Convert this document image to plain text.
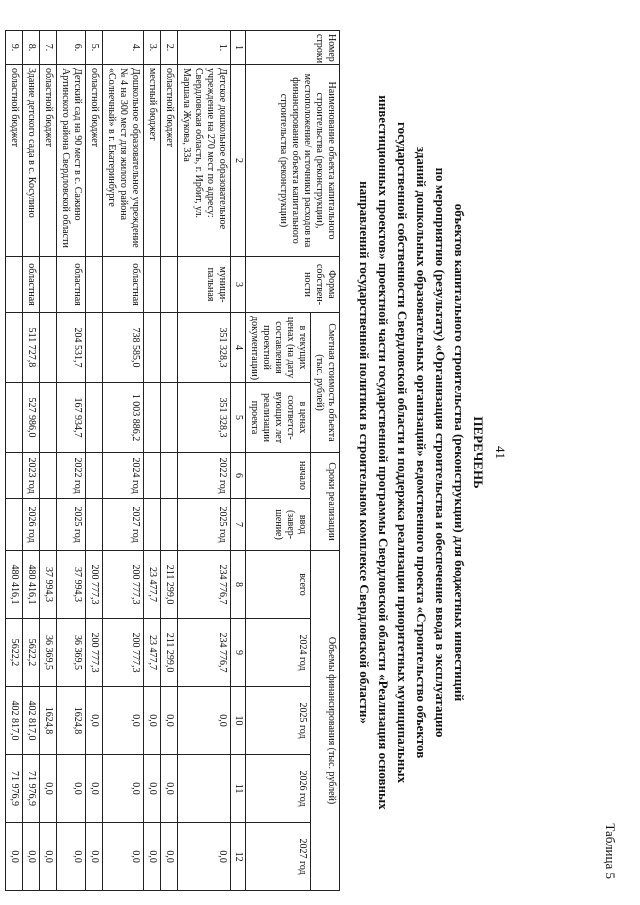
41
Таблица 5
ПЕРЕЧЕНЬ
объектов капитального строительства (реконструкции) для бюджетных инвестиций
по мероприятию (результату) «Организация строительства и обеспечение ввода в эксплуатацию
зданий дошкольных образовательных организаций» ведомственного проекта «Строительство объектов
государственной собственности Свердловской области и поддержка реализации приоритетных муниципальных
инвестиционных проектов» проектной части государственной программы Свердловской области «Реализация основных
направлений государственной политики в строительном комплексе Свердловской области»
Номер строки	Наименование объекта капитального строительства (реконструкции), местоположение/ источники расходов на финансирование объекта капитального строительства (реконструкции)	Форма собствен-ности	Сметная стоимость объекта (тыс. рублей)		Сроки реализации		Объемы финансирования (тыс. рублей)				
			в текущих ценах (на дату составления проектной документации)	в ценах соответст-вующих лет реализации проекта	начало	ввод (завер-шение)	всего	2024 год	2025 год	2026 год	2027 год

1	2	3	4	5	6	7	8	9	10	11	12
1.	Детское дошкольное образовательное учреждение на 270 мест по адресу: Свердловская область, г. Ирбит, ул. Маршала Жукова, 33а	муници-пальная	351 328,3	351 328,3	2022 год	2025 год	234 776,7	234 776,7	0,0		0,0
2.	областной бюджет						211 299,0	211 299,0	0,0	0,0	0,0
3.	местный бюджет						23 477,7	23 477,7	0,0	0,0	0,0
4.	Дошкольное образовательное учреждение № 4 на 300 мест для жилого района «Солнечный» в г. Екатеринбурге	областная	738 585,0	1 003 886,2	2024 год	2027 год	200 777,3	200 777,3	0,0	0,0	0,0
5.	областной бюджет						200 777,3	200 777,3	0,0	0,0	0,0
6.	Детский сад на 90 мест в с. Сажино Артинского района Свердловской области	областная	204 531,7	167 934,7	2022 год	2025 год	37 994,3	36 369,5	1624,8	0,0	0,0
7.	областной бюджет						37 994,3	36 369,5	1624,8	0,0	0,0
8.	Здание детского сада в с. Косулино	областная	511 727,8	527 986,0	2023 год	2026 год	480 416,1	5622,2	402 817,0	71 976,9	0,0
9.	областной бюджет						480 416,1	5622,2	402 817,0	71 976,9	0,0
